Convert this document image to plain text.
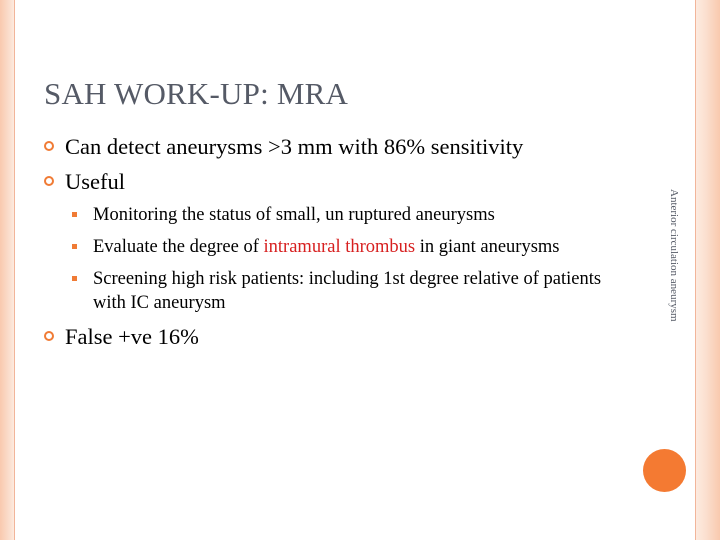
SAH WORK-UP: MRA
Can detect aneurysms >3 mm with 86% sensitivity
Useful
Monitoring the status of small, un ruptured aneurysms
Evaluate the degree of intramural thrombus in giant aneurysms
Screening high risk patients: including 1st degree relative of patients with IC aneurysm
False +ve 16%
Anterior circulation aneurysm
